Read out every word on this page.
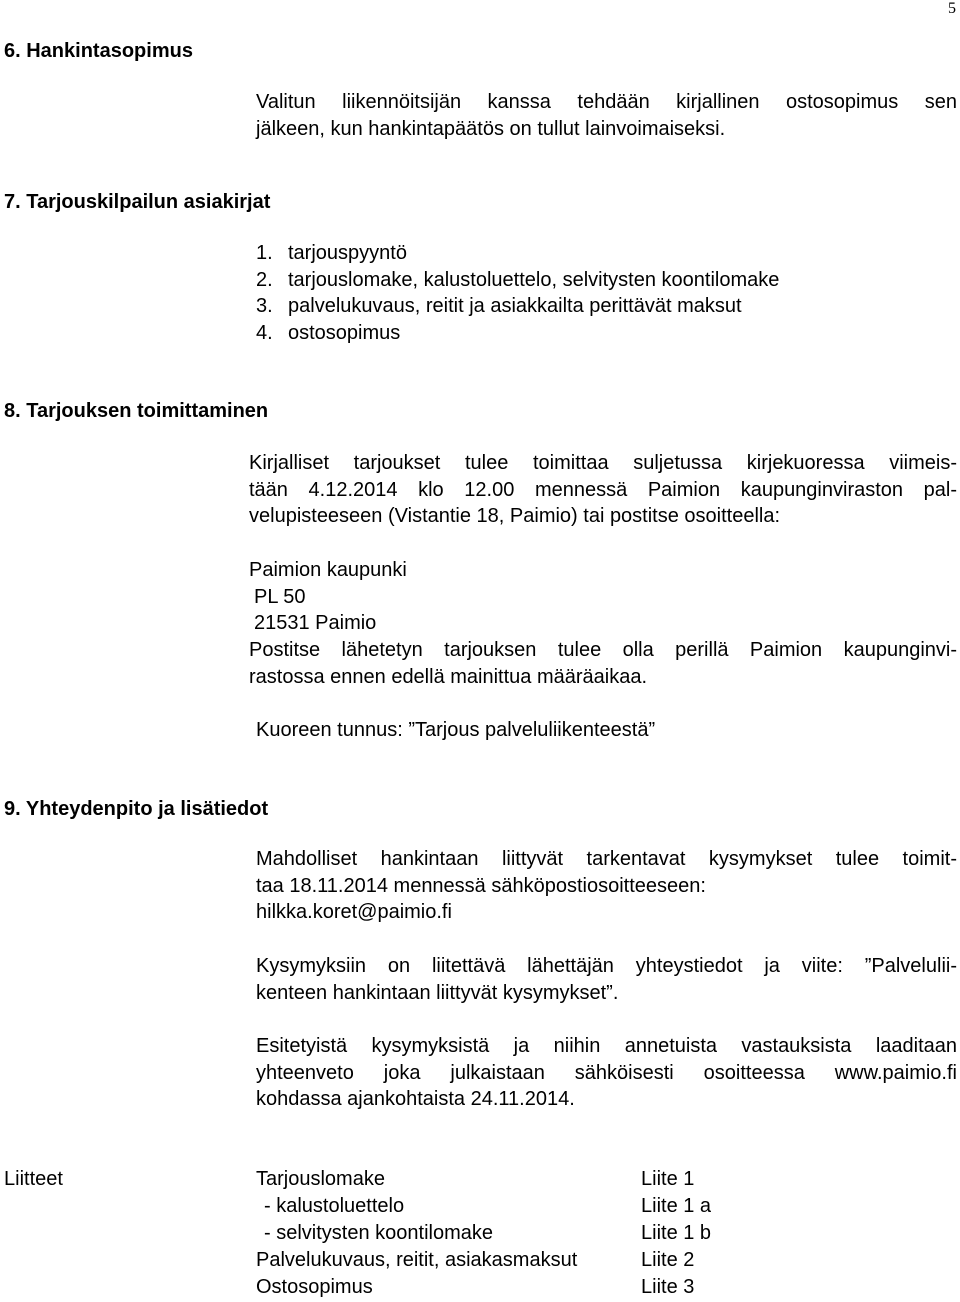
5
6. Hankintasopimus
Valitun liikennöitsijän kanssa tehdään kirjallinen ostosopimus sen
jälkeen, kun hankintapäätös on tullut lainvoimaiseksi.
7. Tarjouskilpailun asiakirjat
1. tarjouspyyntö
2. tarjouslomake, kalustoluettelo, selvitysten koontilomake
3. palvelukuvaus, reitit ja asiakkailta perittävät maksut
4. ostosopimus
8. Tarjouksen toimittaminen
Kirjalliset tarjoukset tulee toimittaa suljetussa kirjekuoressa viimeis-
tään 4.12.2014 klo 12.00 mennessä Paimion kaupunginviraston pal-
velupisteeseen (Vistantie 18, Paimio) tai postitse osoitteella:
Paimion kaupunki
PL 50
21531 Paimio
Postitse lähetetyn tarjouksen tulee olla perillä Paimion kaupunginvi-
rastossa ennen edellä mainittua määräaikaa.
Kuoreen tunnus: ”Tarjous palveluliikenteestä”
9. Yhteydenpito ja lisätiedot
Mahdolliset hankintaan liittyvät tarkentavat kysymykset tulee toimit-
taa 18.11.2014 mennessä sähköpostiosoitteeseen:
hilkka.koret@paimio.fi
Kysymyksiin on liitettävä lähettäjän yhteystiedot ja viite: ”Palvelulii-
kenteen hankintaan liittyvät kysymykset”.
Esitetyistä kysymyksistä ja niihin annetuista vastauksista laaditaan
yhteenveto joka julkaistaan sähköisesti osoitteessa www.paimio.fi
kohdassa ajankohtaista 24.11.2014.
Liitteet	Tarjouslomake	Liite 1
- kalustoluettelo	Liite 1 a
- selvitysten koontilomake	Liite 1 b
Palvelukuvaus, reitit, asiakasmaksut	Liite 2
Ostosopimus	Liite 3
